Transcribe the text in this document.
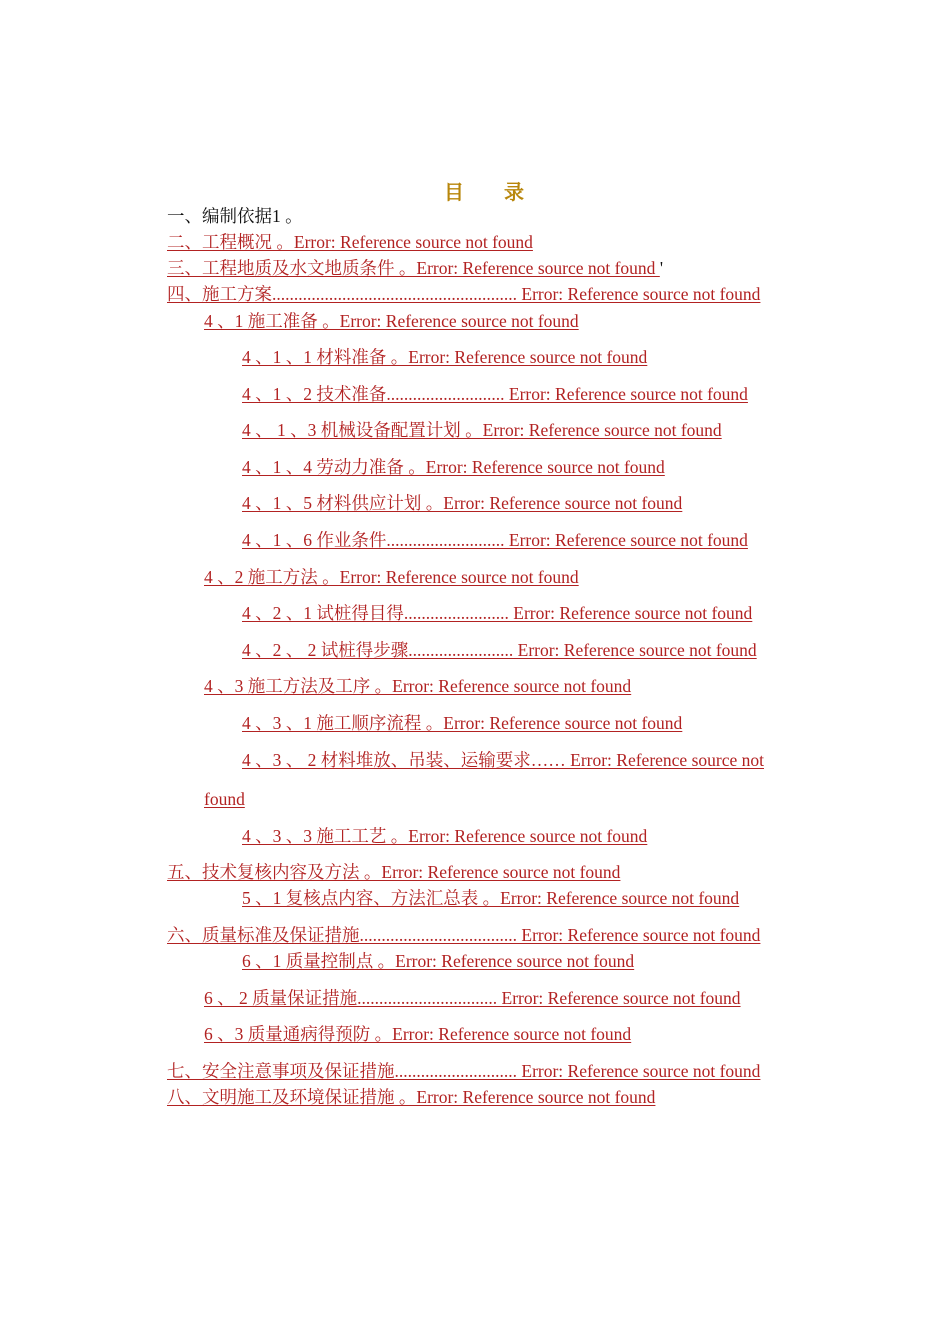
目录
一、编制依据1 。
二、工程概况 。Error: Reference source not found
三、工程地质及水文地质条件 。Error: Reference source not found '
四、施工方案........................................................ Error: Reference source not found
4 、1 施工准备 。Error: Reference source not found
4 、1 、1 材料准备 。Error: Reference source not found
4 、1 、2 技术准备........................... Error: Reference source not found
4 、 1 、3 机械设备配置计划 。Error: Reference source not found
4 、1 、4 劳动力准备 。Error: Reference source not found
4 、1 、5 材料供应计划 。Error: Reference source not found
4 、1 、6 作业条件........................... Error: Reference source not found
4 、2 施工方法 。Error: Reference source not found
4 、2 、1 试桩得目得........................ Error: Reference source not found
4 、2 、 2 试桩得步骤........................ Error: Reference source not found
4 、3 施工方法及工序 。Error: Reference source not found
4 、3 、1 施工顺序流程 。Error: Reference source not found
4 、3 、 2 材料堆放、吊装、运输要求…… Error: Reference source not
found
4 、3 、3 施工工艺 。Error: Reference source not found
五、技术复核内容及方法 。Error: Reference source not found
5 、1 复核点内容、方法汇总表 。Error: Reference source not found
六、质量标准及保证措施.................................... Error: Reference source not found
6 、1 质量控制点 。Error: Reference source not found
6 、 2 质量保证措施................................ Error: Reference source not found
6 、3 质量通病得预防 。Error: Reference source not found
七、安全注意事项及保证措施............................ Error: Reference source not found
八、文明施工及环境保证措施 。Error: Reference source not found
